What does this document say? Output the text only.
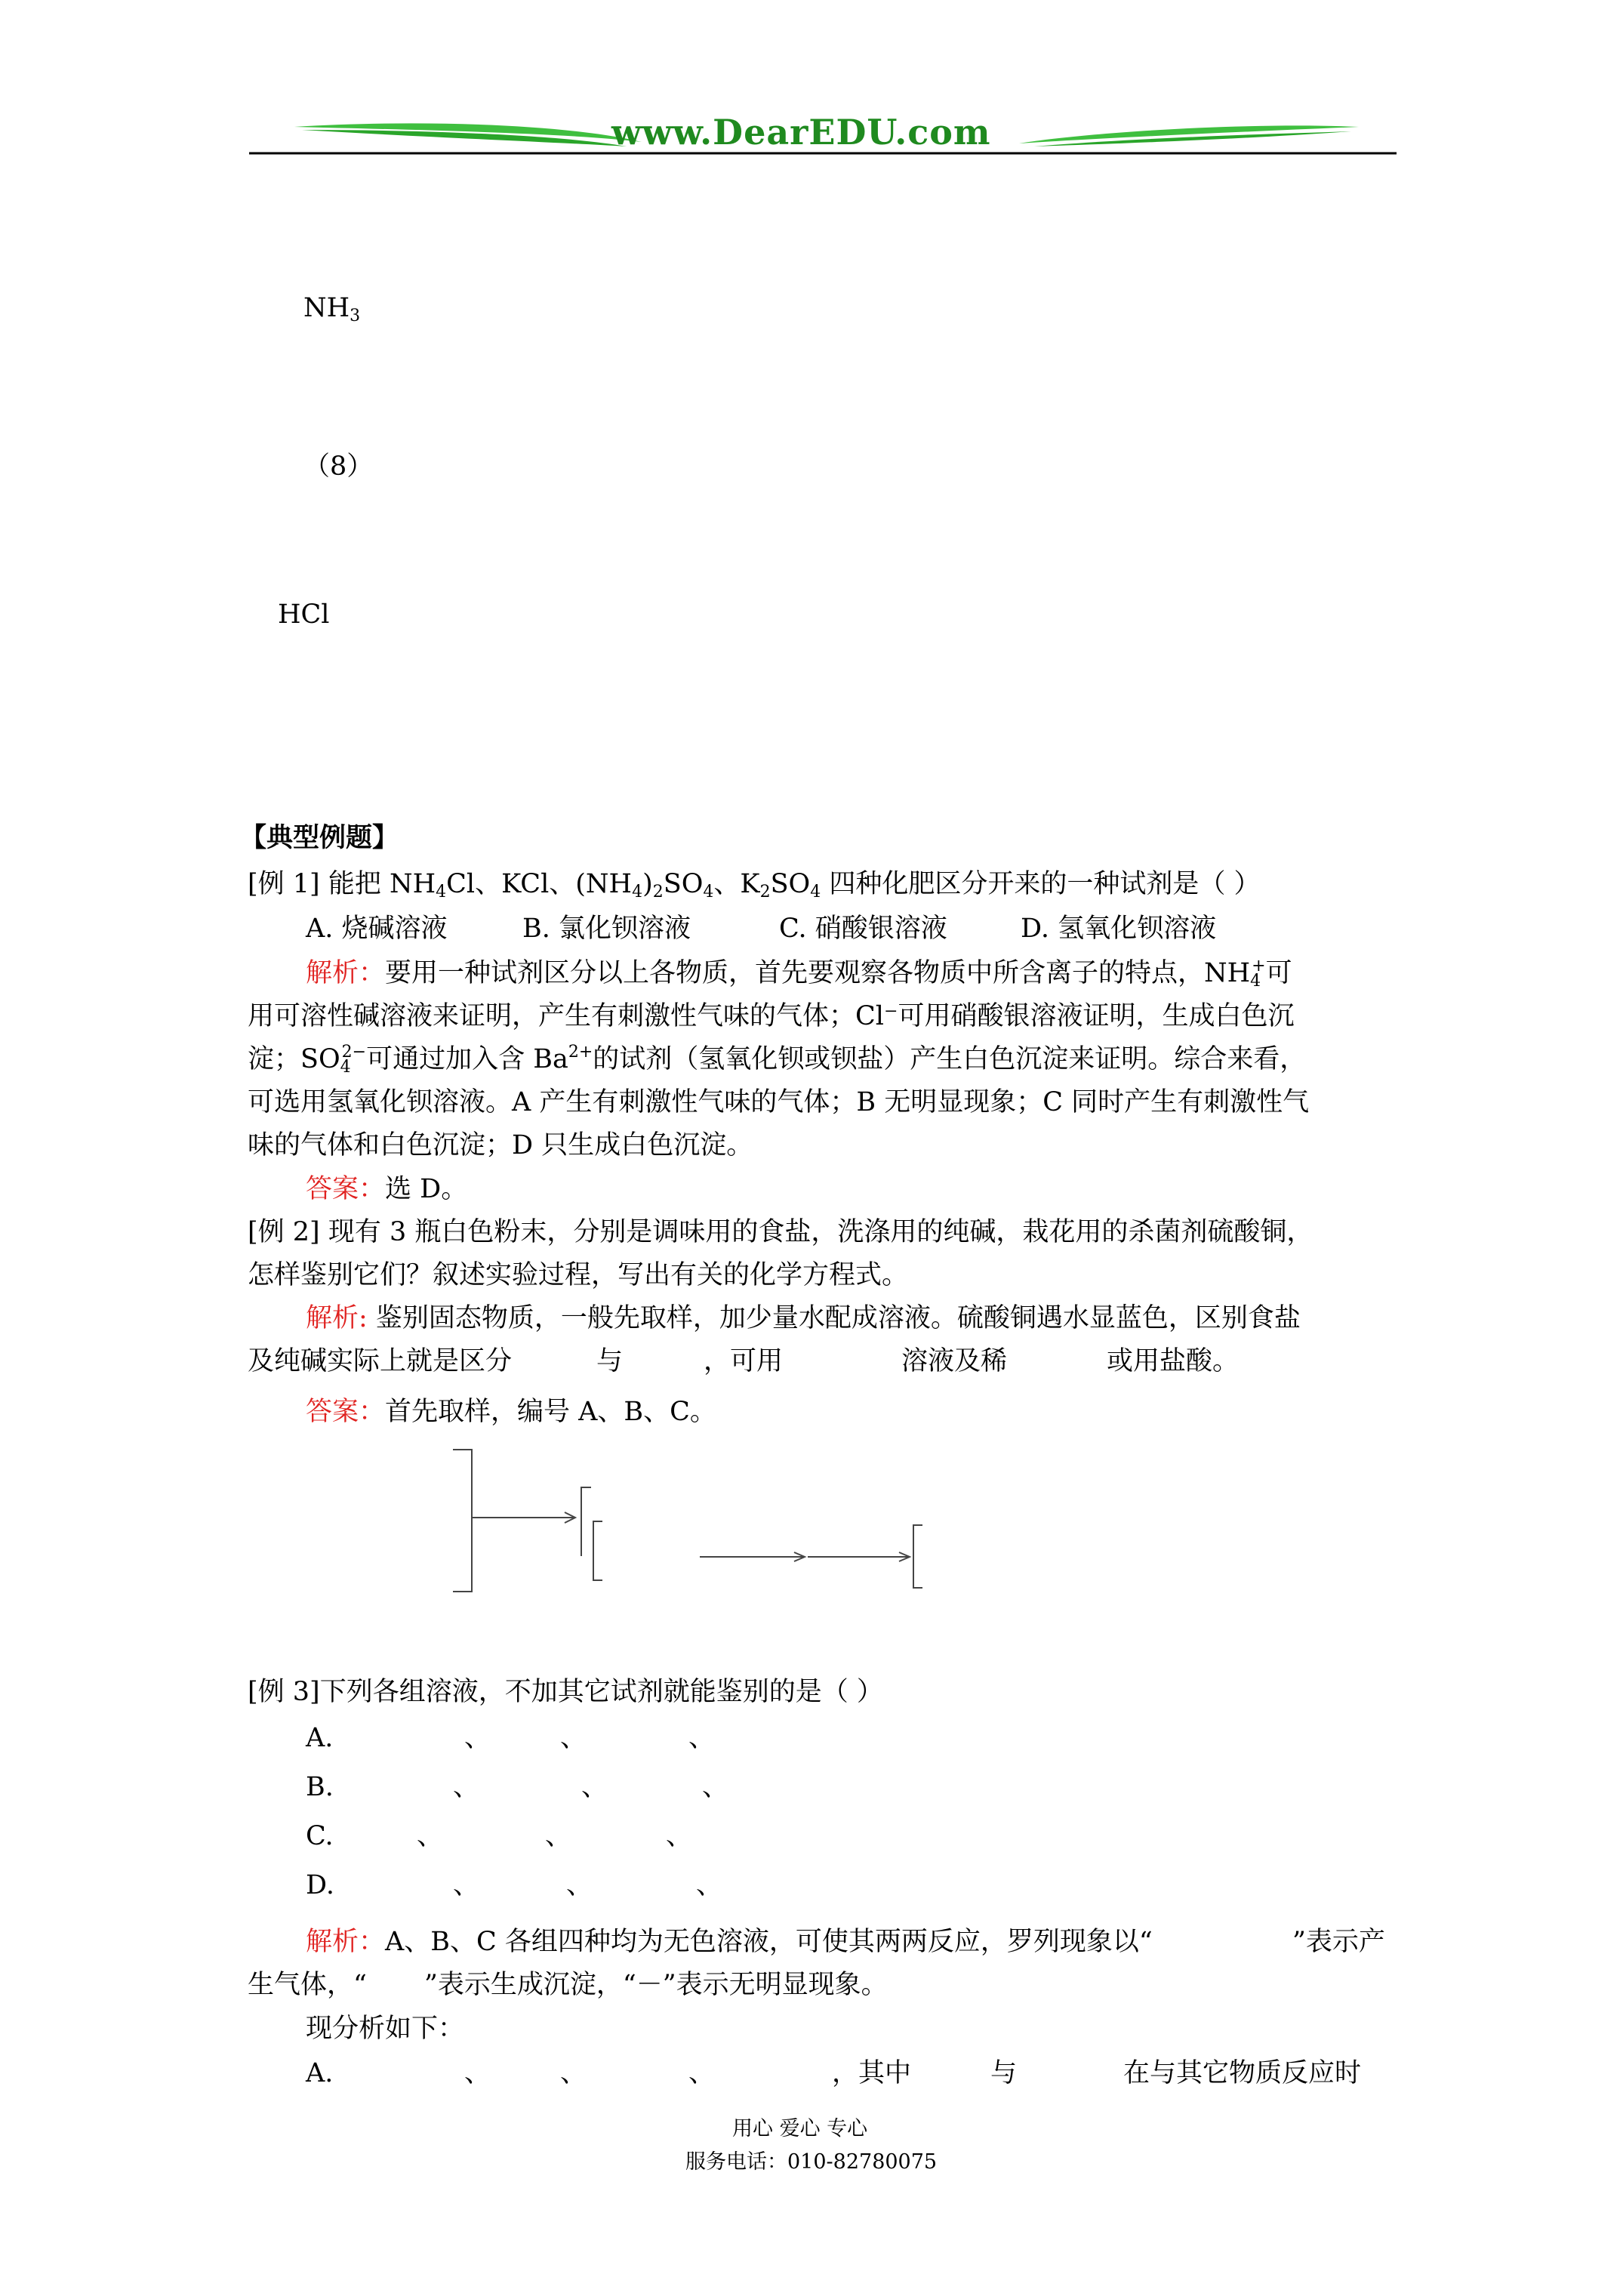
www.DearEDU.com
$NH_3$
（8）
HCl
【典型例题】
[例 1] 能把 $NH_4Cl$、KCl、$(NH_4)_2SO_4$、$K_2SO_4$ 四种化肥区分开来的一种试剂是（ ）
A. 烧碱溶液	B. 氯化钡溶液	C. 硝酸银溶液	D. 氢氧化钡溶液
解析：要用一种试剂区分以上各物质，首先要观察各物质中所含离子的特点，$NH_4^+$可
用可溶性碱溶液来证明，产生有刺激性气味的气体；Cl⁻可用硝酸银溶液证明，生成白色沉
淀；$SO_4^{2-}$可通过加入含 $Ba^{2+}$的试剂（氢氧化钡或钡盐）产生白色沉淀来证明。综合来看，
可选用氢氧化钡溶液。A 产生有刺激性气味的气体；B 无明显现象；C 同时产生有刺激性气
味的气体和白色沉淀；D 只生成白色沉淀。
答案：选 D。
[例 2] 现有 3 瓶白色粉末，分别是调味用的食盐，洗涤用的纯碱，栽花用的杀菌剂硫酸铜，
怎样鉴别它们？叙述实验过程，写出有关的化学方程式。
解析: 鉴别固态物质，一般先取样，加少量水配成溶液。硫酸铜遇水显蓝色，区别食盐
及纯碱实际上就是区分	与	，可用	溶液及稀	或用盐酸。
答案：首先取样，编号 A、B、C。
[例 3]下列各组溶液，不加其它试剂就能鉴别的是（ ）
A.	、	、	、
B.	、	、	、
C.	、	、	、
D.	、	、	、
解析：A、B、C 各组四种均为无色溶液，可使其两两反应，罗列现象以“	”表示产
生气体，“ ”表示生成沉淀，“－”表示无明显现象。
现分析如下：
A.	、	、	、	，其中	与	在与其它物质反应时
用心 爱心 专心
服务电话：010-82780075
